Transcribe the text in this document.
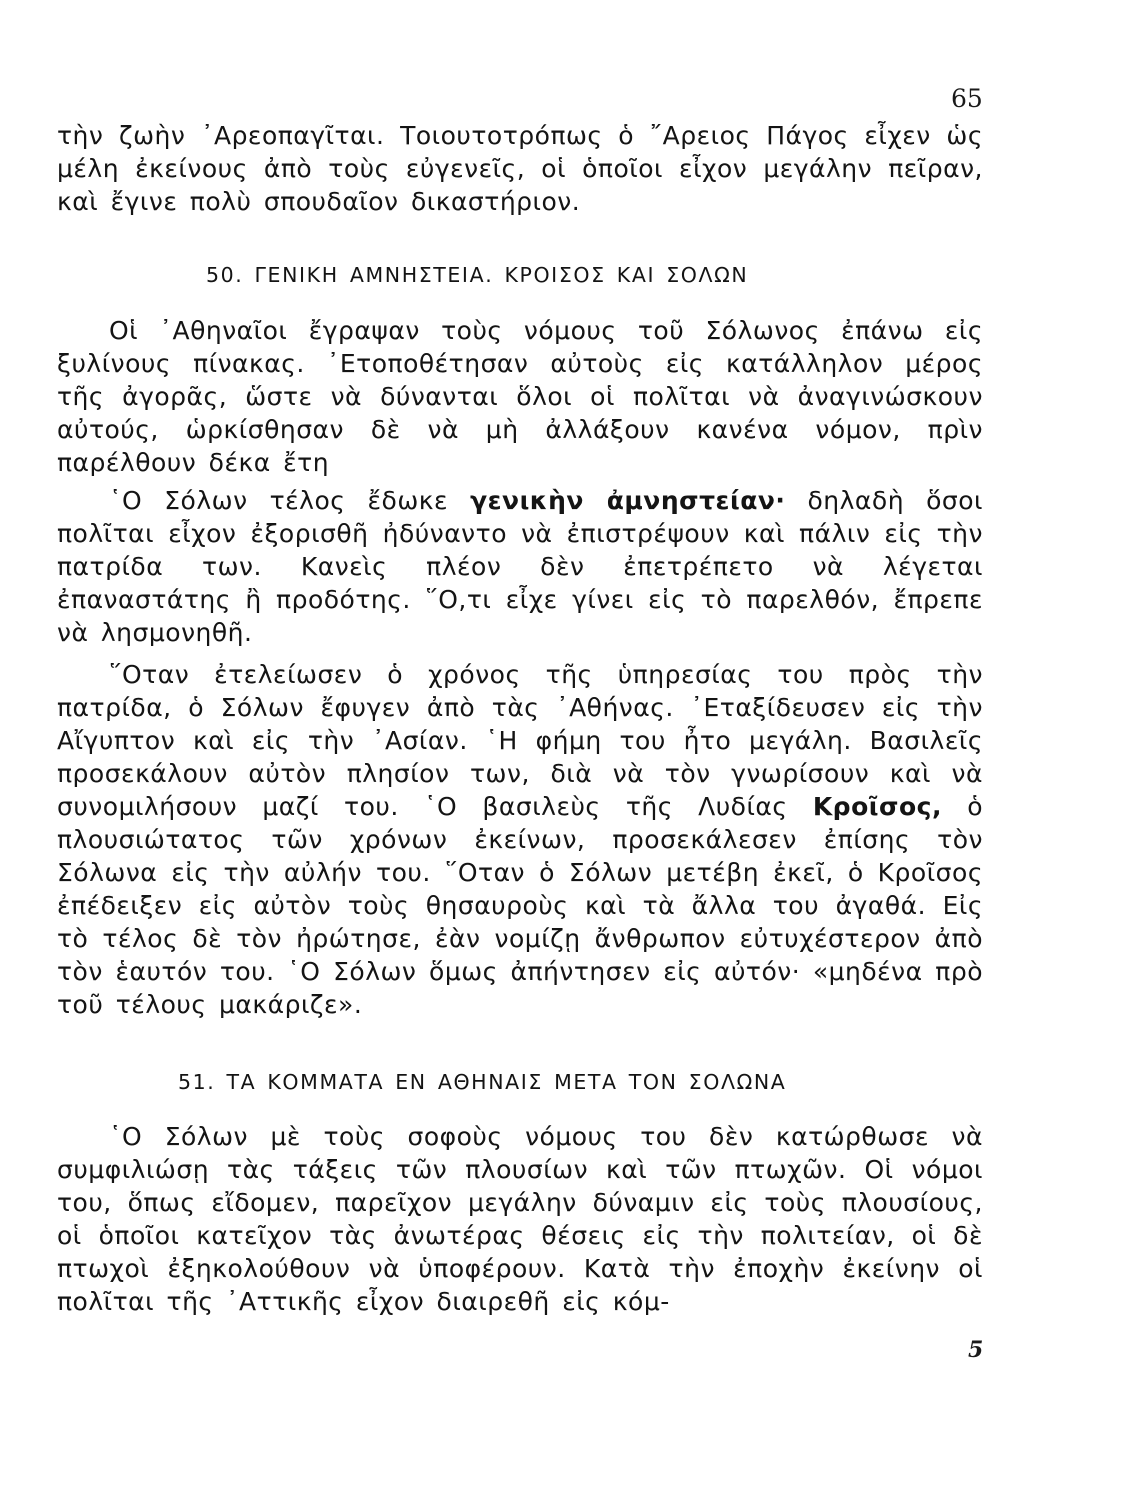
65

τὴν ζωὴν ᾿Αρεοπαγῖται. Τοιουτοτρόπως ὁ ῎Αρειος Πάγος εἶχεν ὡς μέλη ἐκείνους ἀπὸ τοὺς εὐγενεῖς, οἱ ὁποῖοι εἶχον μεγάλην πεῖραν, καὶ ἔγινε πολὺ σπουδαῖον δικαστήριον.

50. ΓΕΝΙΚΗ ΑΜΝΗΣΤΕΙΑ. ΚΡΟΙΣΟΣ ΚΑΙ ΣΟΛΩΝ

Οἱ ᾿Αθηναῖοι ἔγραψαν τοὺς νόμους τοῦ Σόλωνος ἐπάνω εἰς ξυλίνους πίνακας. ᾿Ετοποθέτησαν αὐτοὺς εἰς κατάλληλον μέρος τῆς ἀγορᾶς, ὥστε νὰ δύνανται ὅλοι οἱ πολῖται νὰ ἀναγινώσκουν αὐτούς, ὡρκίσθησαν δὲ νὰ μὴ ἀλλάξουν κανένα νόμον, πρὶν παρέλθουν δέκα ἔτη

῾Ο Σόλων τέλος ἔδωκε γενικὴν ἀμνηστείαν· δηλαδὴ ὅσοι πολῖται εἶχον ἐξορισθῆ ἠδύναντο νὰ ἐπιστρέψουν καὶ πάλιν εἰς τὴν πατρίδα των. Κανεὶς πλέον δὲν ἐπετρέπετο νὰ λέγεται ἐπαναστάτης ἢ προδότης. ῞Ο,τι εἶχε γίνει εἰς τὸ παρελθόν, ἔπρεπε νὰ λησμονηθῆ.

῞Οταν ἐτελείωσεν ὁ χρόνος τῆς ὑπηρεσίας του πρὸς τὴν πατρίδα, ὁ Σόλων ἔφυγεν ἀπὸ τὰς ᾿Αθήνας. ᾿Εταξίδευσεν εἰς τὴν Αἴγυπτον καὶ εἰς τὴν ᾿Ασίαν. ῾Η φήμη του ἦτο μεγάλη. Βασιλεῖς προσεκάλουν αὐτὸν πλησίον των, διὰ νὰ τὸν γνωρίσουν καὶ νὰ συνομιλήσουν μαζί του. ῾Ο βασιλεὺς τῆς Λυδίας Κροῖσος, ὁ πλουσιώτατος τῶν χρόνων ἐκείνων, προσεκάλεσεν ἐπίσης τὸν Σόλωνα εἰς τὴν αὐλήν του. ῞Οταν ὁ Σόλων μετέβη ἐκεῖ, ὁ Κροῖσος ἐπέδειξεν εἰς αὐτὸν τοὺς θησαυροὺς καὶ τὰ ἄλλα του ἀγαθά. Εἰς τὸ τέλος δὲ τὸν ἠρώτησε, ἐὰν νομίζῃ ἄνθρωπον εὐτυχέστερον ἀπὸ τὸν ἑαυτόν του. ῾Ο Σόλων ὅμως ἀπήντησεν εἰς αὐτόν· «μηδένα πρὸ τοῦ τέλους μακάριζε».

51. ΤΑ ΚΟΜΜΑΤΑ ΕΝ ΑΘΗΝΑΙΣ ΜΕΤΑ ΤΟΝ ΣΟΛΩΝΑ

῾Ο Σόλων μὲ τοὺς σοφοὺς νόμους του δὲν κατώρθωσε νὰ συμφιλιώσῃ τὰς τάξεις τῶν πλουσίων καὶ τῶν πτωχῶν. Οἱ νόμοι του, ὅπως εἴδομεν, παρεῖχον μεγάλην δύναμιν εἰς τοὺς πλουσίους, οἱ ὁποῖοι κατεῖχον τὰς ἀνωτέρας θέσεις εἰς τὴν πολιτείαν, οἱ δὲ πτωχοὶ ἐξηκολούθουν νὰ ὑποφέρουν. Κατὰ τὴν ἐποχὴν ἐκείνην οἱ πολῖται τῆς ᾿Αττικῆς εἶχον διαιρεθῆ εἰς κόμ-

5
